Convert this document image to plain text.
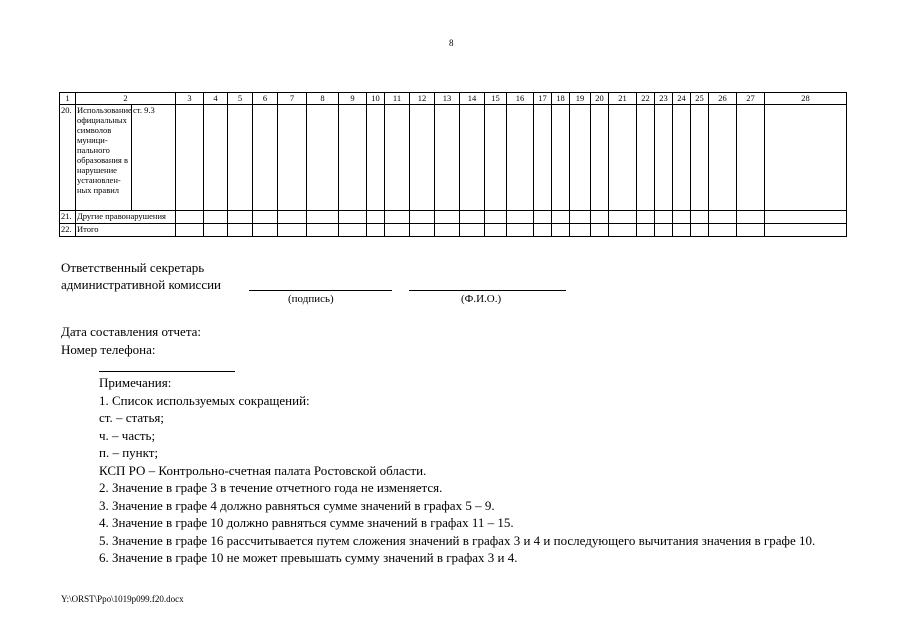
8
1	2		3	4	5	6	7	8	9	10	11	12	13	14	15	16	17	18	19	20	21	22	23	24	25	26	27	28
20.	Использование официальных символов муници-пального образования в нарушение установлен-ных правил	ст. 9.3																										
21.	Другие правонарушения																											
22.	Итого																											
Ответственный секретарь
административной комиссии
(подпись)	(Ф.И.О.)
Дата составления отчета:
Номер телефона:

Примечания:

1. Список используемых сокращений:

ст. – статья;

ч. – часть;

п. – пункт;

КСП РО – Контрольно-счетная палата Ростовской области.

2. Значение в графе 3 в течение отчетного года не изменяется.

3. Значение в графе 4 должно равняться сумме значений в графах 5 – 9.

4. Значение в графе 10 должно равняться сумме значений в графах 11 – 15.

5. Значение в графе 16 рассчитывается путем сложения значений в графах 3 и 4 и последующего вычитания значения в графе 10.

6. Значение в графе 10 не может превышать сумму значений в графах 3 и 4.

Y:\ORST\Ppo\1019p099.f20.docx
